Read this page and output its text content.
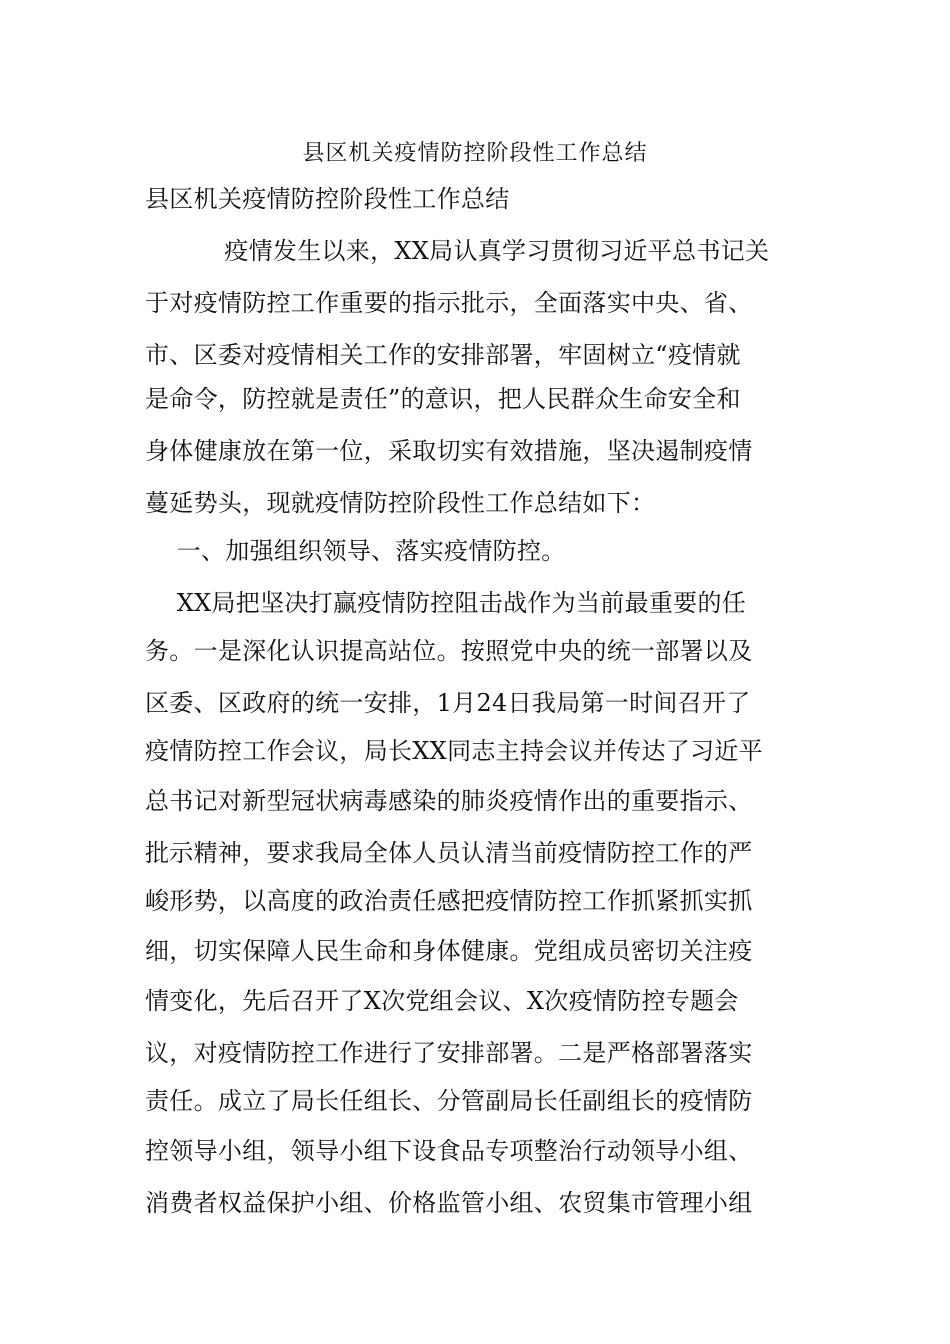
县区机关疫情防控阶段性工作总结
县区机关疫情防控阶段性工作总结
疫情发生以来，XX局认真学习贯彻习近平总书记关
于对疫情防控工作重要的指示批示，全面落实中央、省、
市、区委对疫情相关工作的安排部署，牢固树立“疫情就
是命令，防控就是责任”的意识，把人民群众生命安全和
身体健康放在第一位，采取切实有效措施，坚决遏制疫情
蔓延势头，现就疫情防控阶段性工作总结如下：
一、加强组织领导、落实疫情防控。
XX局把坚决打赢疫情防控阻击战作为当前最重要的任
务。一是深化认识提高站位。按照党中央的统一部署以及
区委、区政府的统一安排，1月24日我局第一时间召开了
疫情防控工作会议，局长XX同志主持会议并传达了习近平
总书记对新型冠状病毒感染的肺炎疫情作出的重要指示、
批示精神，要求我局全体人员认清当前疫情防控工作的严
峻形势，以高度的政治责任感把疫情防控工作抓紧抓实抓
细，切实保障人民生命和身体健康。党组成员密切关注疫
情变化，先后召开了X次党组会议、X次疫情防控专题会
议，对疫情防控工作进行了安排部署。二是严格部署落实
责任。成立了局长任组长、分管副局长任副组长的疫情防
控领导小组，领导小组下设食品专项整治行动领导小组、
消费者权益保护小组、价格监管小组、农贸集市管理小组
